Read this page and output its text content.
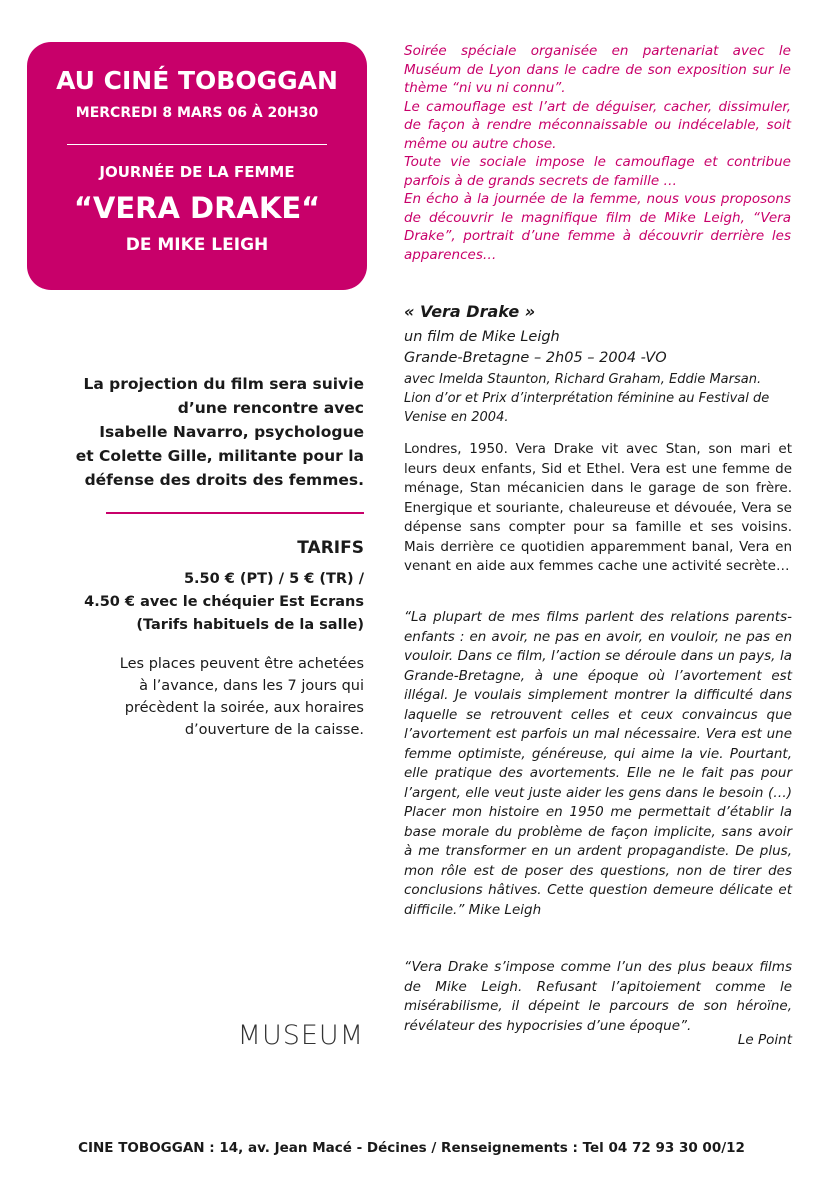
AU CINÉ TOBOGGAN
MERCREDI 8 MARS 06 À 20H30
JOURNÉE DE LA FEMME
“VERA DRAKE“
DE MIKE LEIGH

Soirée spéciale organisée en partenariat avec le Muséum de Lyon dans le cadre de son exposition sur le thème “ni vu ni connu”.

Le camouflage est l’art de déguiser, cacher, dissimuler, de façon à rendre méconnaissable ou indécelable, soit même ou autre chose.

Toute vie sociale impose le camouflage et contribue parfois à de grands secrets de famille …

En écho à la journée de la femme, nous vous proposons de découvrir le magnifique film de Mike Leigh, “Vera Drake”, portrait d’une femme à découvrir derrière les apparences…

La projection du film sera suivie
d’une rencontre avec
Isabelle Navarro, psychologue
et Colette Gille, militante pour la
défense des droits des femmes.
TARIFS
5.50 € (PT) / 5 € (TR) /
4.50 € avec le chéquier Est Ecrans
(Tarifs habituels de la salle)
Les places peuvent être achetées
à l’avance, dans les 7 jours qui
précèdent la soirée, aux horaires
d’ouverture de la caisse.
MUSEUM
« Vera Drake »
un film de Mike Leigh
Grande-Bretagne – 2h05 – 2004 -VO
avec Imelda Staunton, Richard Graham, Eddie Marsan.
Lion d’or et Prix d’interprétation féminine au Festival de Venise en 2004.
Londres, 1950. Vera Drake vit avec Stan, son mari et leurs deux enfants, Sid et Ethel. Vera est une femme de ménage, Stan mécanicien dans le garage de son frère. Energique et souriante, chaleureuse et dévouée, Vera se dépense sans compter pour sa famille et ses voisins. Mais derrière ce quotidien apparemment banal, Vera en venant en aide aux femmes cache une activité secrète…
“La plupart de mes films parlent des relations parents-enfants : en avoir, ne pas en avoir, en vouloir, ne pas en vouloir. Dans ce film, l’action se déroule dans un pays, la Grande-Bretagne, à une époque où l’avortement est illégal. Je voulais simplement montrer la difficulté dans laquelle se retrouvent celles et ceux convaincus que l’avortement est parfois un mal nécessaire. Vera est une femme optimiste, généreuse, qui aime la vie. Pourtant, elle pratique des avortements. Elle ne le fait pas pour l’argent, elle veut juste aider les gens dans le besoin (…) Placer mon histoire en 1950 me permettait d’établir la base morale du problème de façon implicite, sans avoir à me transformer en un ardent propagandiste. De plus, mon rôle est de poser des questions, non de tirer des conclusions hâtives. Cette question demeure délicate et difficile.” Mike Leigh
“Vera Drake s’impose comme l’un des plus beaux films de Mike Leigh. Refusant l’apitoiement comme le misérabilisme, il dépeint le parcours de son héroïne, révélateur des hypocrisies d’une époque”.
Le Point
CINE TOBOGGAN : 14, av. Jean Macé - Décines / Renseignements : Tel 04 72 93 30 00/12
